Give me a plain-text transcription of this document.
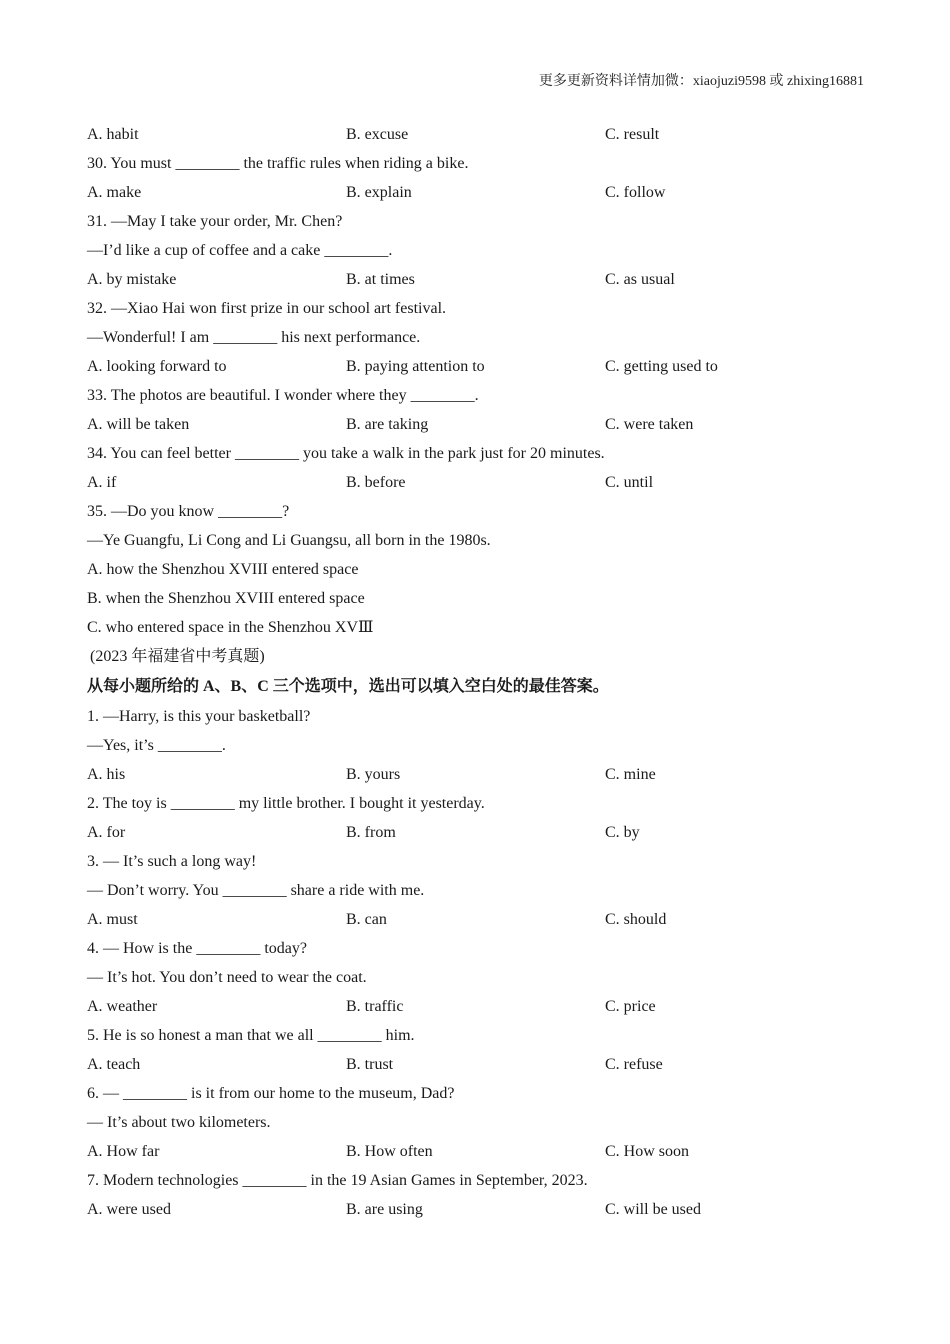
更多更新资料详情加微：xiaojuzi9598 或 zhixing16881
A. habit	B. excuse	C. result
30. You must ________ the traffic rules when riding a bike.
A. make	B. explain	C. follow
31. —May I take your order, Mr. Chen?
—I’d like a cup of coffee and a cake ________.
A. by mistake	B. at times	C. as usual
32. —Xiao Hai won first prize in our school art festival.
—Wonderful! I am ________ his next performance.
A. looking forward to	B. paying attention to	C. getting used to
33. The photos are beautiful. I wonder where they ________.
A. will be taken	B. are taking	C. were taken
34. You can feel better ________ you take a walk in the park just for 20 minutes.
A. if	B. before	C. until
35. —Do you know ________?
—Ye Guangfu, Li Cong and Li Guangsu, all born in the 1980s.
A. how the Shenzhou XVIII entered space
B. when the Shenzhou XVIII entered space
C. who entered space in the Shenzhou XVⅢ
(2023 年福建省中考真题)
从每小题所给的 A、B、C 三个选项中，选出可以填入空白处的最佳答案。
1. —Harry, is this your basketball?
—Yes, it’s ________.
A. his	B. yours	C. mine
2. The toy is ________ my little brother. I bought it yesterday.
A. for	B. from	C. by
3. — It’s such a long way!
— Don’t worry. You ________ share a ride with me.
A. must	B. can	C. should
4. — How is the ________ today?
— It’s hot. You don’t need to wear the coat.
A. weather	B. traffic	C. price
5. He is so honest a man that we all ________ him.
A. teach	B. trust	C. refuse
6. — ________ is it from our home to the museum, Dad?
— It’s about two kilometers.
A. How far	B. How often	C. How soon
7. Modern technologies ________ in the 19 Asian Games in September, 2023.
A. were used	B. are using	C. will be used
